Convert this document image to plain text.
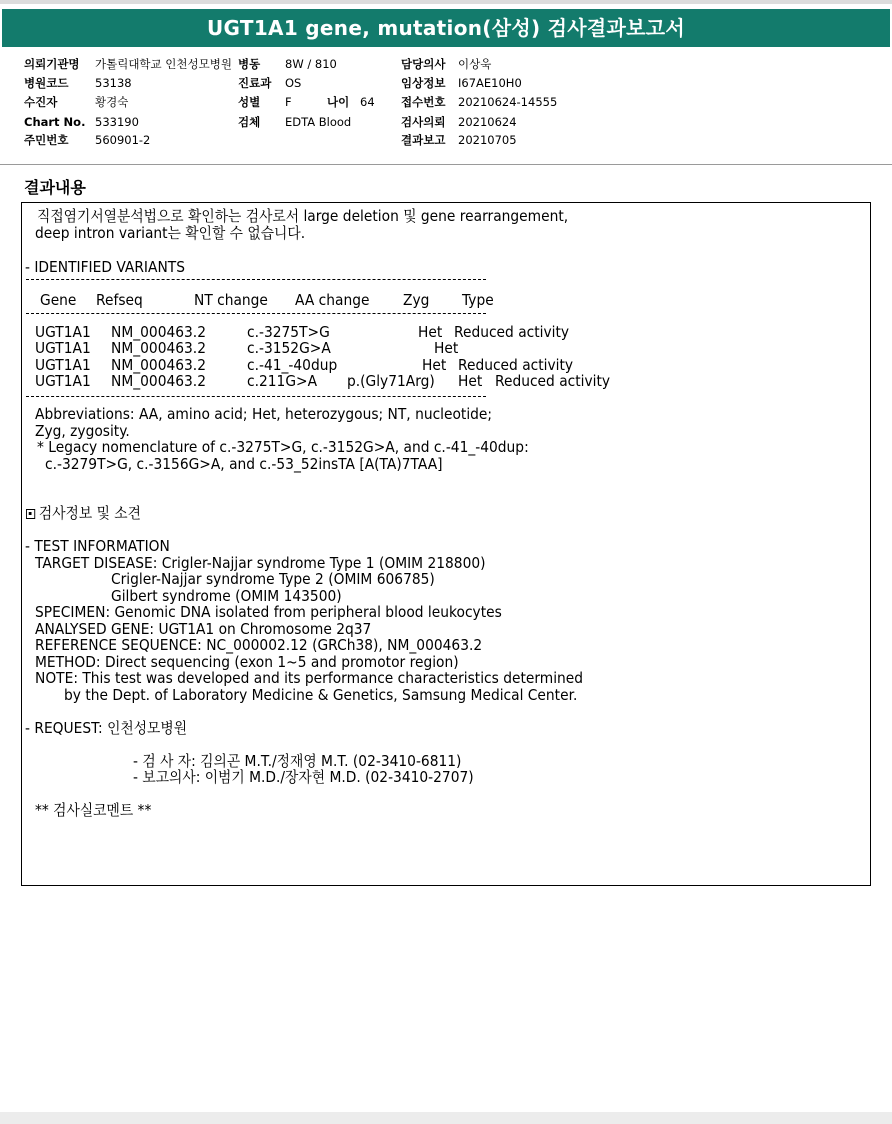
UGT1A1 gene, mutation(삼성) 검사결과보고서
의뢰기관명 가톨릭대학교 인천성모병원 병동 8W / 810	담당의사 이상욱
병원코드 53138	진료과 OS	임상정보 I67AE10H0
수진자	황경숙	성별 F	나이 64 접수번호 20210624-14555
Chart No. 533190	검체 EDTA Blood	검사의뢰 20210624
주민번호 560901-2	결과보고 20210705
결과내용
직접염기서열분석법으로 확인하는 검사로서 large deletion 및 gene rearrangement,
deep intron variant는 확인할 수 없습니다.
- IDENTIFIED VARIANTS
Gene Refseq	NT change AA change Zyg Type
UGT1A1 NM_000463.2	c.-3275T>G	Het Reduced activity
UGT1A1 NM_000463.2	c.-3152G>A	Het
UGT1A1 NM_000463.2	c.-41_-40dup	Het Reduced activity
UGT1A1 NM_000463.2	c.211G>A p.(Gly71Arg) Het Reduced activity
Abbreviations: AA, amino acid; Het, heterozygous; NT, nucleotide;
Zyg, zygosity.
* Legacy nomenclature of c.-3275T>G, c.-3152G>A, and c.-41_-40dup:
c.-3279T>G, c.-3156G>A, and c.-53_52insTA [A(TA)7TAA]
검사정보 및 소견
- TEST INFORMATION
TARGET DISEASE: Crigler-Najjar syndrome Type 1 (OMIM 218800)
Crigler-Najjar syndrome Type 2 (OMIM 606785)
Gilbert syndrome (OMIM 143500)
SPECIMEN: Genomic DNA isolated from peripheral blood leukocytes
ANALYSED GENE: UGT1A1 on Chromosome 2q37
REFERENCE SEQUENCE: NC_000002.12 (GRCh38), NM_000463.2
METHOD: Direct sequencing (exon 1~5 and promotor region)
NOTE: This test was developed and its performance characteristics determined
by the Dept. of Laboratory Medicine & Genetics, Samsung Medical Center.
- REQUEST: 인천성모병원
- 검 사 자: 김의곤 M.T./정재영 M.T. (02-3410-6811)
- 보고의사: 이범기 M.D./장자현 M.D. (02-3410-2707)
** 검사실코멘트 **
